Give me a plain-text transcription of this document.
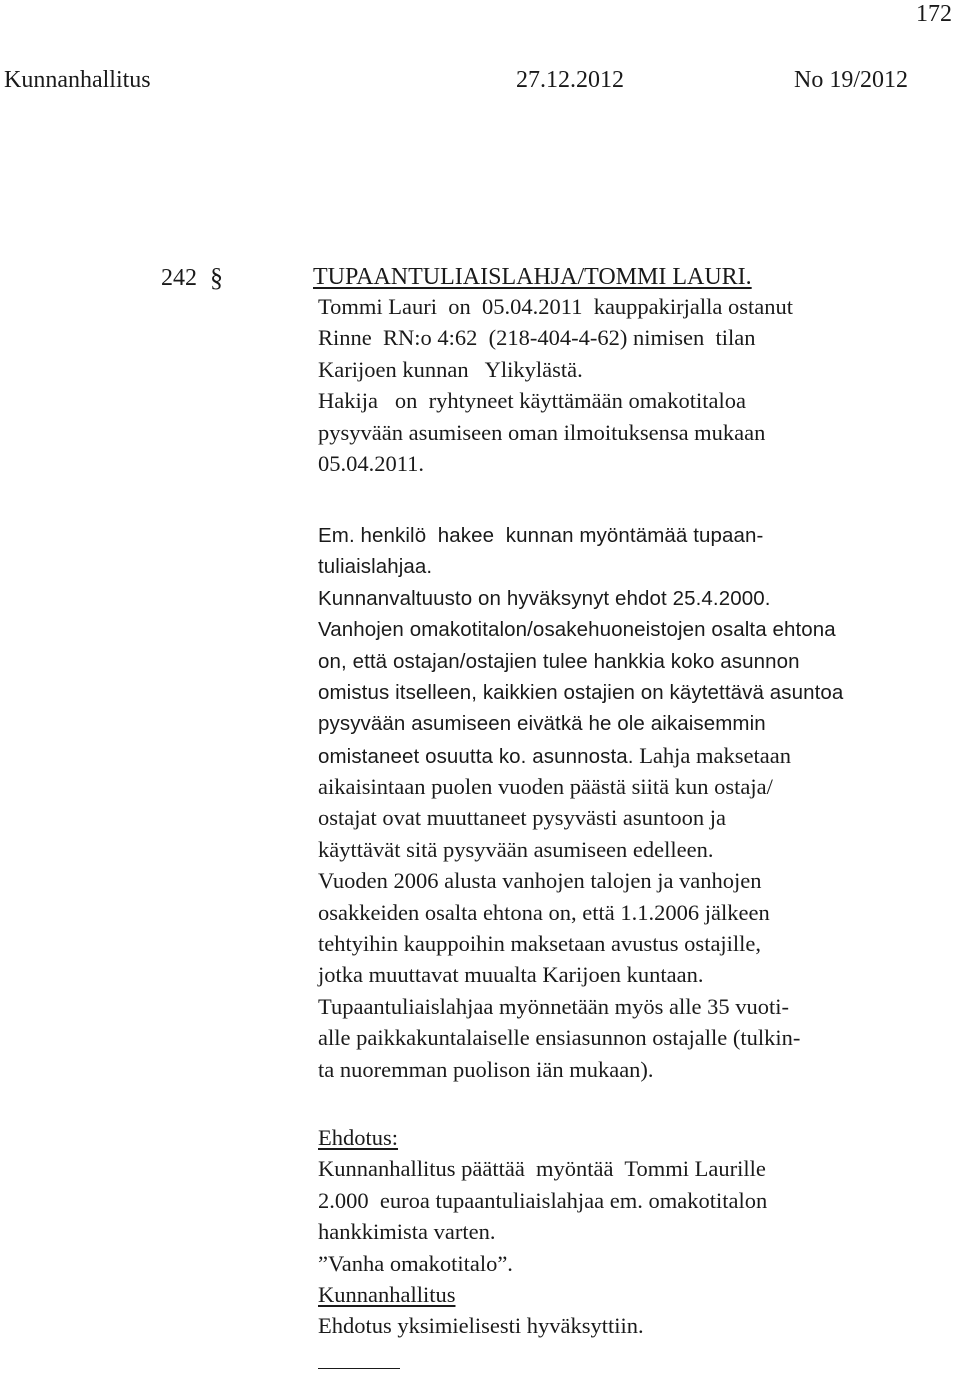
172
Kunnanhallitus	27.12.2012	No 19/2012
242 §	TUPAANTULIAISLAHJA/TOMMI LAURI.
Tommi Lauri  on  05.04.2011  kauppakirjalla ostanut
Rinne  RN:o 4:62  (218-404-4-62) nimisen  tilan
Karijoen kunnan   Ylikylästä.
Hakija   on  ryhtyneet käyttämään omakotitaloa
pysyvään asumiseen oman ilmoituksensa mukaan
05.04.2011.
Em. henkilö  hakee  kunnan myöntämää tupaan-
tuliaislahjaa.
Kunnanvaltuusto on hyväksynyt ehdot 25.4.2000.
Vanhojen omakotitalon/osakehuoneistojen osalta ehtona
on, että ostajan/ostajien tulee hankkia koko asunnon
omistus itselleen, kaikkien ostajien on käytettävä asuntoa
pysyvään asumiseen eivätkä he ole aikaisemmin
omistaneet osuutta ko. asunnosta. Lahja maksetaan
aikaisintaan puolen vuoden päästä siitä kun ostaja/
ostajat ovat muuttaneet pysyvästi asuntoon ja
käyttävät sitä pysyvään asumiseen edelleen.
Vuoden 2006 alusta vanhojen talojen ja vanhojen
osakkeiden osalta ehtona on, että 1.1.2006 jälkeen
tehtyihin kauppoihin maksetaan avustus ostajille,
jotka muuttavat muualta Karijoen kuntaan.
Tupaantuliaislahjaa myönnetään myös alle 35 vuoti-
alle paikkakuntalaiselle ensiasunnon ostajalle (tulkin-
ta nuoremman puolison iän mukaan).
Ehdotus:
Kunnanhallitus päättää  myöntää  Tommi Laurille
2.000  euroa tupaantuliaislahjaa em. omakotitalon
hankkimista varten.
”Vanha omakotitalo”.
Kunnanhallitus
Ehdotus yksimielisesti hyväksyttiin.
